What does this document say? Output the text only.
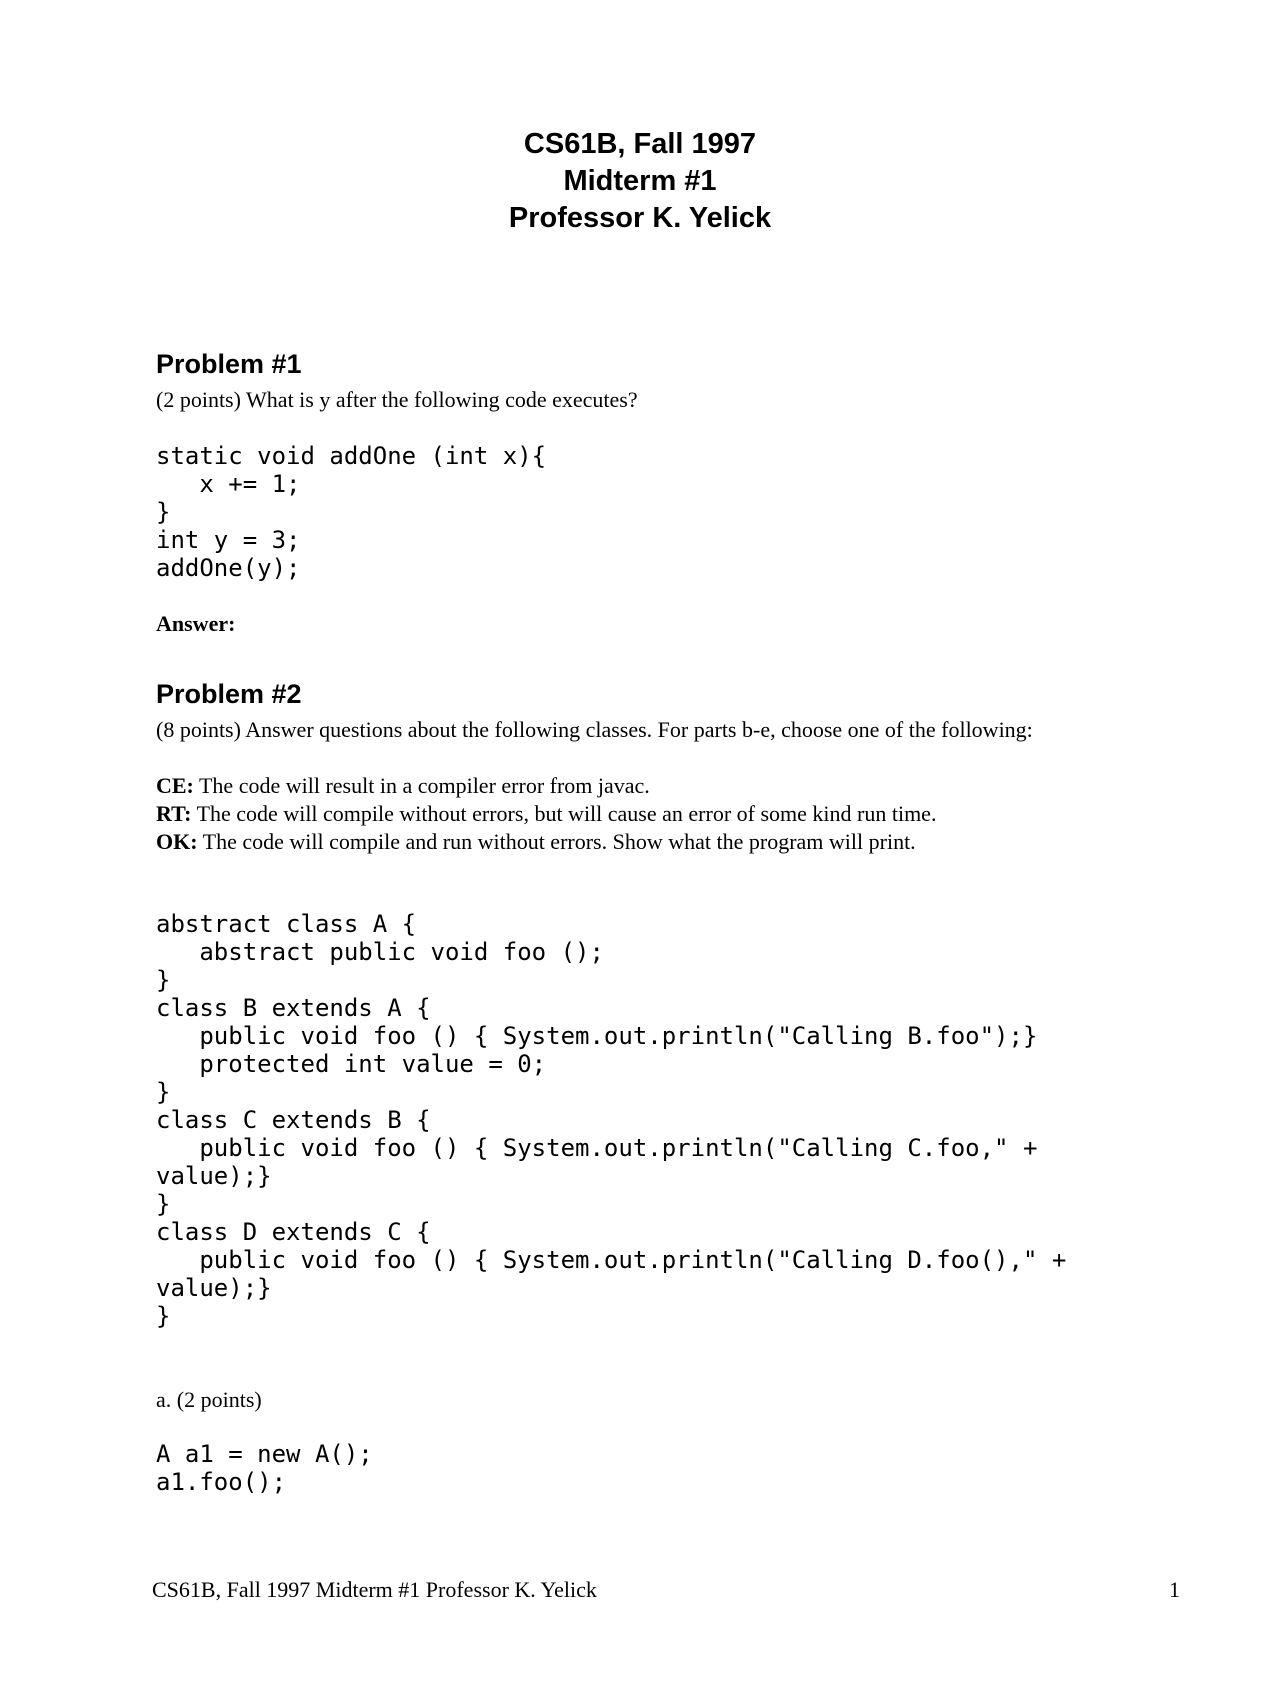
CS61B, Fall 1997
Midterm #1
Professor K. Yelick
Problem #1
(2 points) What is y after the following code executes?
static void addOne (int x){
x += 1;
}
int y = 3;
addOne(y);
Answer:
Problem #2
(8 points) Answer questions about the following classes. For parts b-e, choose one of the following:
CE: The code will result in a compiler error from javac.
RT: The code will compile without errors, but will cause an error of some kind run time.
OK: The code will compile and run without errors. Show what the program will print.
abstract class A {
abstract public void foo ();
}
class B extends A {
public void foo () { System.out.println("Calling B.foo");}
protected int value = 0;
}
class C extends B {
public void foo () { System.out.println("Calling C.foo," +
value);}
}
class D extends C {
public void foo () { System.out.println("Calling D.foo()," +
value);}
}
a. (2 points)
A a1 = new A();
a1.foo();
CS61B, Fall 1997 Midterm #1 Professor K. Yelick	1
